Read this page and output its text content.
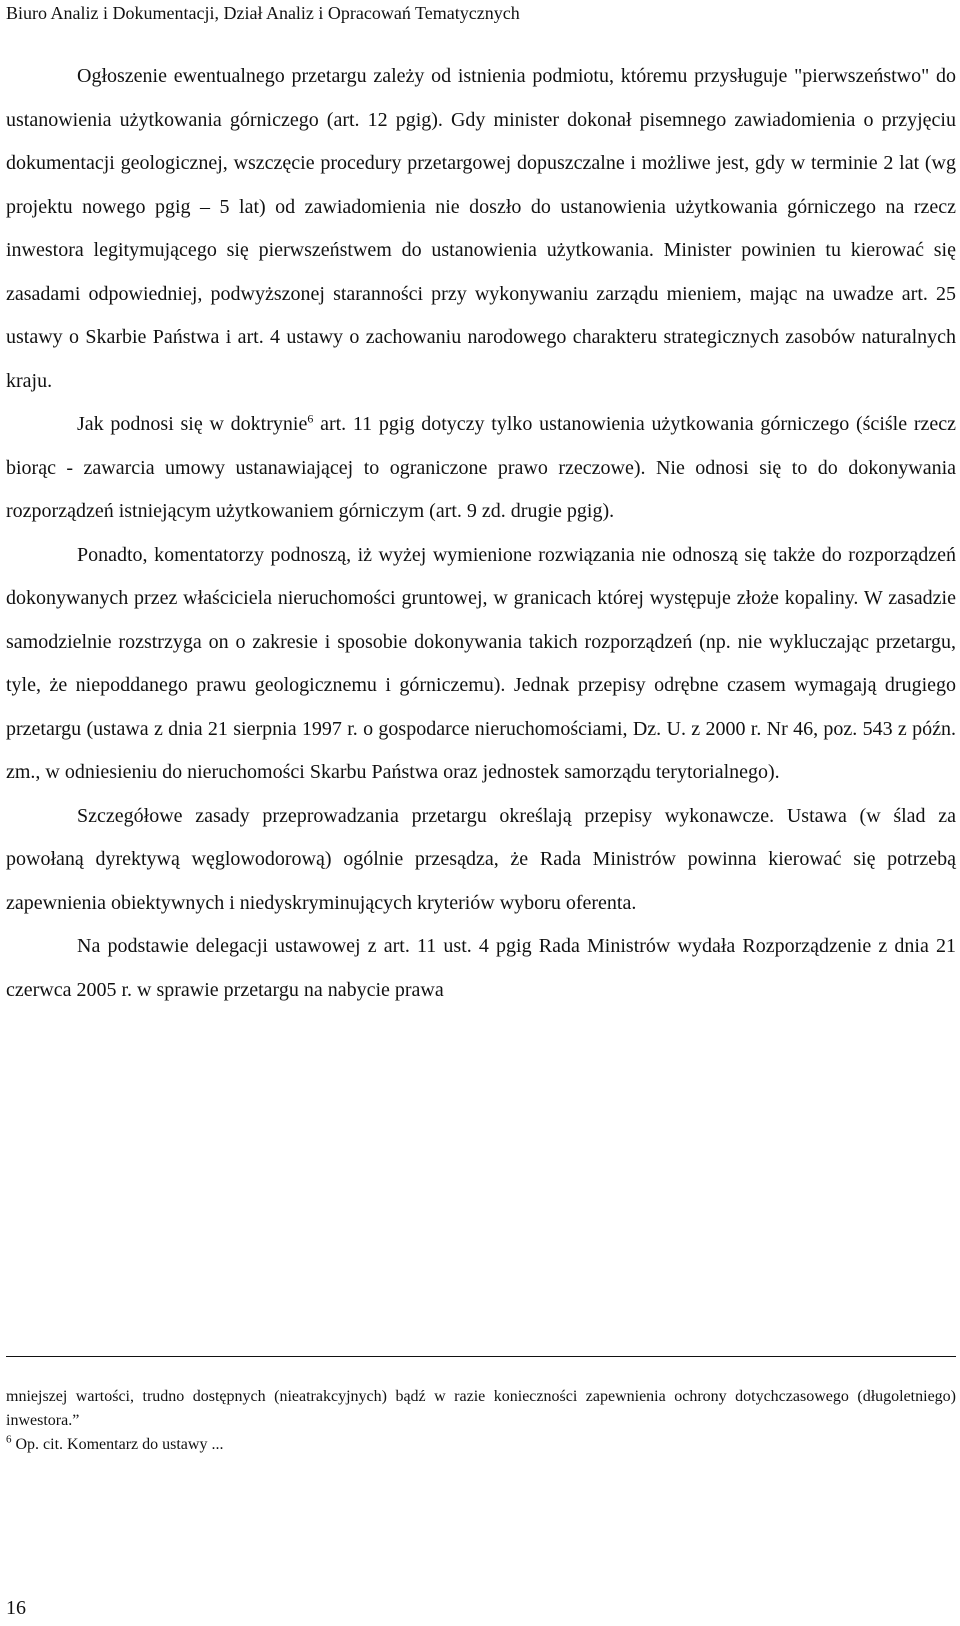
Biuro Analiz i Dokumentacji, Dział Analiz i Opracowań Tematycznych

Ogłoszenie ewentualnego przetargu zależy od istnienia podmiotu, któremu przysługuje "pierwszeństwo" do ustanowienia użytkowania górniczego (art. 12 pgig). Gdy minister dokonał pisemnego zawiadomienia o przyjęciu dokumentacji geologicznej, wszczęcie procedury przetargowej dopuszczalne i możliwe jest, gdy w terminie 2 lat (wg projektu nowego pgig – 5 lat) od zawiadomienia nie doszło do ustanowienia użytkowania górniczego na rzecz inwestora legitymującego się pierwszeństwem do ustanowienia użytkowania. Minister powinien tu kierować się zasadami odpowiedniej, podwyższonej staranności przy wykonywaniu zarządu mieniem, mając na uwadze art. 25 ustawy o Skarbie Państwa i art. 4 ustawy o zachowaniu narodowego charakteru strategicznych zasobów naturalnych kraju.

Jak podnosi się w doktrynie$^6$ art. 11 pgig dotyczy tylko ustanowienia użytkowania górniczego (ściśle rzecz biorąc - zawarcia umowy ustanawiającej to ograniczone prawo rzeczowe). Nie odnosi się to do dokonywania rozporządzeń istniejącym użytkowaniem górniczym (art. 9 zd. drugie pgig).

Ponadto, komentatorzy podnoszą, iż wyżej wymienione rozwiązania nie odnoszą się także do rozporządzeń dokonywanych przez właściciela nieruchomości gruntowej, w granicach której występuje złoże kopaliny. W zasadzie samodzielnie rozstrzyga on o zakresie i sposobie dokonywania takich rozporządzeń (np. nie wykluczając przetargu, tyle, że niepoddanego prawu geologicznemu i górniczemu). Jednak przepisy odrębne czasem wymagają drugiego przetargu (ustawa z dnia 21 sierpnia 1997 r. o gospodarce nieruchomościami, Dz. U. z 2000 r. Nr 46, poz. 543 z późn. zm., w odniesieniu do nieruchomości Skarbu Państwa oraz jednostek samorządu terytorialnego).

Szczegółowe zasady przeprowadzania przetargu określają przepisy wykonawcze. Ustawa (w ślad za powołaną dyrektywą węglowodorową) ogólnie przesądza, że Rada Ministrów powinna kierować się potrzebą zapewnienia obiektywnych i niedyskryminujących kryteriów wyboru oferenta.

Na podstawie delegacji ustawowej z art. 11 ust. 4 pgig Rada Ministrów wydała Rozporządzenie z dnia 21 czerwca 2005 r. w sprawie przetargu na nabycie prawa

mniejszej wartości, trudno dostępnych (nieatrakcyjnych) bądź w razie konieczności zapewnienia ochrony dotychczasowego (długoletniego) inwestora.”

$^6$ Op. cit. Komentarz do ustawy ...

16
